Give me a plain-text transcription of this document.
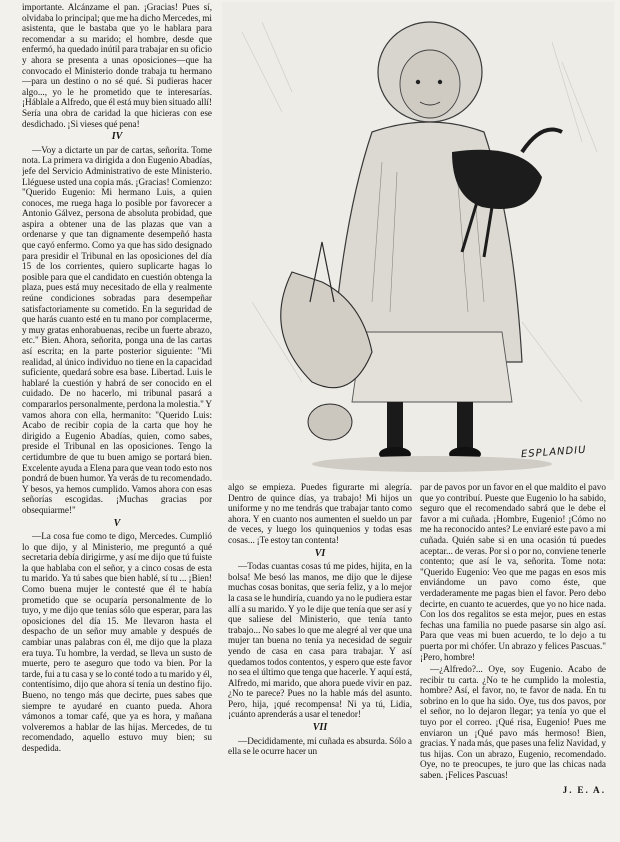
importante. Alcánzame el pan. ¡Gracias! Pues sí, olvidaba lo principal; que me ha dicho Mercedes, mi asistenta, que le bastaba que yo le hablara para recomendar a su marido; el hombre, desde que enfermó, ha quedado inútil para trabajar en su oficio y ahora se presenta a unas oposiciones—que ha convocado el Ministerio donde trabaja tu hermano—para un destino o no sé qué. Si pudieras hacer algo..., yo le he prometido que te interesarías. ¡Háblale a Alfredo, que él está muy bien situado allí! Sería una obra de caridad la que hicieras con ese desdichado. ¡Si vieses qué pena!

IV

—Voy a dictarte un par de cartas, señorita. Tome nota. La primera va dirigida a don Eugenio Abadías, jefe del Servicio Administrativo de este Ministerio. Lléguese usted una copia más. ¡Gracias! Comienzo: "Querido Eugenio: Mi hermano Luis, a quien conoces, me ruega haga lo posible por favorecer a Antonio Gálvez, persona de absoluta probidad, que aspira a obtener una de las plazas que van a ordenarse y que tan dignamente desempeñó hasta que cayó enfermo. Como ya que has sido designado para presidir el Tribunal en las oposiciones del día 15 de los corrientes, quiero suplicarte hagas lo posible para que el candidato en cuestión obtenga la plaza, pues está muy necesitado de ella y realmente reúne condiciones sobradas para desempeñar satisfactoriamente su cometido. En la seguridad de que harás cuanto esté en tu mano por complacerme, y muy gratas enhorabuenas, recibe un fuerte abrazo, etc." Bien. Ahora, señorita, ponga una de las cartas así escrita; en la parte posterior siguiente: "Mi realidad, al único individuo no tiene en la capacidad suficiente, quedará sobre esa base. Libertad. Luis le hablaré la cuestión y habrá de ser conocido en el cuidado. De no hacerlo, mi tribunal pasará a compararlos personalmente, perdona la molestia." Y vamos ahora con ella, hermanito: "Querido Luis: Acabo de recibir copia de la carta que hoy he dirigido a Eugenio Abadías, quien, como sabes, preside el Tribunal en las oposiciones. Tengo la certidumbre de que tu buen amigo se portará bien. Excelente ayuda a Elena para que vean todo esto nos pondrá de buen humor. Ya verás de tu recomendado. Y besos, ya hemos cumplido. Vamos ahora con esas señorías escogidas. ¡Muchas gracias por obsequiarme!"

V

—La cosa fue como te digo, Mercedes. Cumplió lo que dijo, y al Ministerio, me preguntó a qué secretaria debía dirigirme, y así me dijo que tú fuiste la que hablaba con el señor, y a cinco cosas de esta tu marido. Ya tú sabes que bien hablé, sí tu ... ¡Bien! Como buena mujer le contesté que él te había prometido que se ocuparía personalmente de lo tuyo, y me dijo que tenías sólo que esperar, para las oposiciones del día 15. Me llevaron hasta el despacho de un señor muy amable y después de cambiar unas palabras con él, me dijo que la plaza era tuya. Tu hombre, la verdad, se lleva un susto de muerte, pero te aseguro que todo va bien. Por la tarde, fui a tu casa y se lo conté todo a tu marido y él, contentísimo, dijo que ahora sí tenía un destino fijo. Bueno, no tengo más que decirte, pues sabes que siempre te ayudaré en cuanto pueda. Ahora vámonos a tomar café, que ya es hora, y mañana volveremos a hablar de las hijas. Mercedes, de tu recomendado, aquello estuvo muy bien; su despedida.

ESPLANDIU

algo se empieza. Puedes figurarte mi alegría. Dentro de quince días, ya trabajo! Mi hijos un uniforme y no me tendrás que trabajar tanto como ahora. Y en cuanto nos aumenten el sueldo un par de veces, y luego los quinquenios y todas esas cosas... ¡Te estoy tan contenta!

VI

—Todas cuantas cosas tú me pides, hijita, en la bolsa! Me besó las manos, me dijo que le dijese muchas cosas bonitas, que sería feliz, y a lo mejor la casa se le hundiría, cuando ya no le pudiera estar allí a su marido. Y yo le dije que tenía que ser así y que saliese del Ministerio, que tenía tanto trabajo... No sabes lo que me alegré al ver que una mujer tan buena no tenía ya necesidad de seguir yendo de casa en casa para trabajar. Y así quedamos todos contentos, y espero que este favor no sea el último que tenga que hacerle. Y aquí está, Alfredo, mi marido, que ahora puede vivir en paz. ¿No te parece? Pues no la hable más del asunto. Pero, hija, ¡qué recompensa! Ni ya tú, Lidia, ¡cuánto aprenderás a usar el tenedor!

VII

—Decididamente, mi cuñada es absurda. Sólo a ella se le ocurre hacer un

par de pavos por un favor en el que maldito el pavo que yo contribuí. Pueste que Eugenio lo ha sabido, seguro que el recomendado sabrá que le debe el favor a mi cuñada. ¡Hombre, Eugenio! ¡Cómo no me ha reconocido antes? Le enviaré este pavo a mi cuñada. Quién sabe si en una ocasión tú puedes aceptar... de veras. Por si o por no, conviene tenerle contento; que así le va, señorita. Tome nota: "Querido Eugenio: Veo que me pagas en esos mis enviándome un pavo como éste, que verdaderamente me pagas bien el favor. Pero debo decirte, en cuanto te acuerdes, que yo no hice nada. Con los dos regalitos se esta mejor, pues en estas fechas una familia no puede pasarse sin algo así. Para que veas mi buen acuerdo, te lo dejo a tu puerta por mi chófer. Un abrazo y felices Pascuas." ¡Pero, hombre!

—¿Alfredo?... Oye, soy Eugenio. Acabo de recibir tu carta. ¿No te he cumplido la molestia, hombre? Así, el favor, no, te favor de nada. En tu sobrino en lo que ha sido. Oye, tus dos pavos, por el señor, no lo dejaron llegar; ya tenía yo que el tuyo por el correo. ¡Qué risa, Eugenio! Pues me enviaron un ¡Qué pavo más hermoso! Bien, gracias. Y nada más, que pases una feliz Navidad, y tus hijas. Con un abrazo, Eugenio, recomendado. Oye, no te preocupes, te juro que las chicas nada saben. ¡Felices Pascuas!

J. E. A.
